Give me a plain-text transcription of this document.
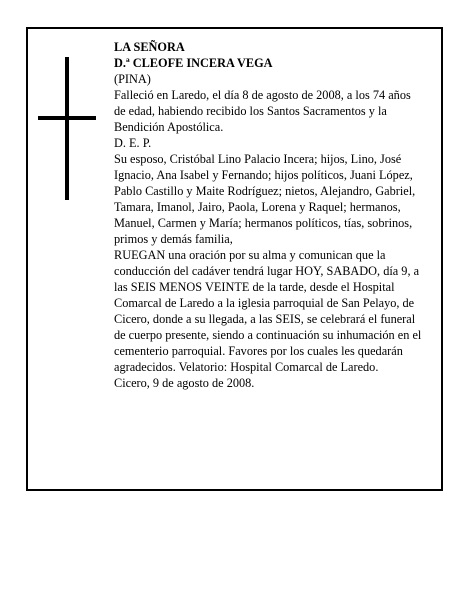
LA SEÑORA

D.ª CLEOFE INCERA VEGA

(PINA)

Falleció en Laredo, el día 8 de agosto de 2008, a los 74 años de edad, habiendo recibido los Santos Sacramentos y la Bendición Apostólica.

D. E. P.

Su esposo, Cristóbal Lino Palacio Incera; hijos, Lino, José Ignacio, Ana Isabel y Fernando; hijos políticos, Juani López, Pablo Castillo y Maite Rodríguez; nietos, Alejandro, Gabriel, Tamara, Imanol, Jairo, Paola, Lorena y Raquel; hermanos, Manuel, Carmen y María; hermanos políticos, tías, sobrinos, primos y demás familia,

RUEGAN una oración por su alma y comunican que la conducción del cadáver tendrá lugar HOY, SABADO, día 9, a las SEIS MENOS VEINTE de la tarde, desde el Hospital Comarcal de Laredo a la iglesia parroquial de San Pelayo, de Cicero, donde a su llegada, a las SEIS, se celebrará el funeral de cuerpo presente, siendo a continuación su inhumación en el cementerio parroquial. Favores por los cuales les quedarán agradecidos. Velatorio: Hospital Comarcal de Laredo.

Cicero, 9 de agosto de 2008.
